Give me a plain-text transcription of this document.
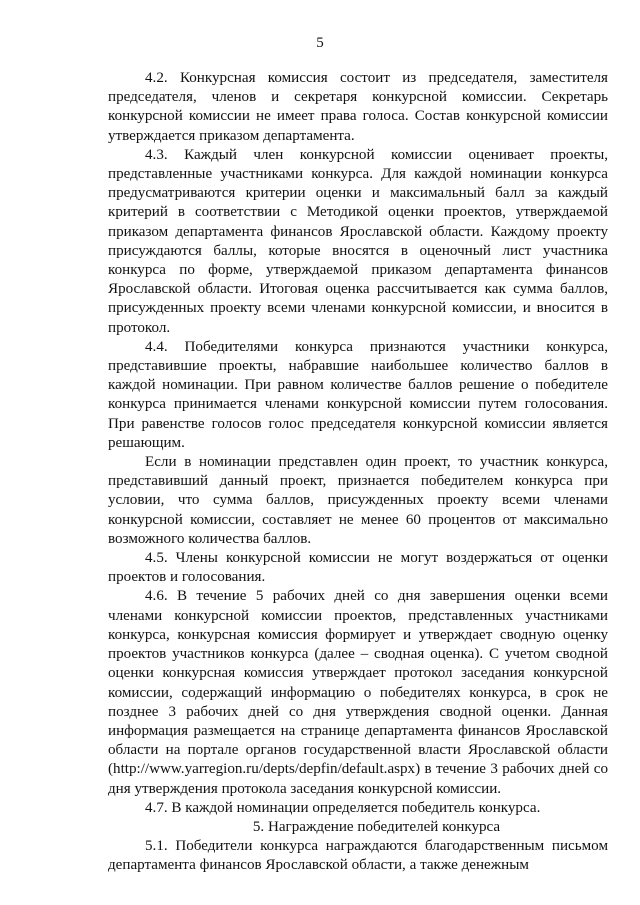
5

4.2. Конкурсная комиссия состоит из председателя, заместителя председателя, членов и секретаря конкурсной комиссии. Секретарь конкурсной комиссии не имеет права голоса. Состав конкурсной комиссии утверждается приказом департамента.

4.3. Каждый член конкурсной комиссии оценивает проекты, представленные участниками конкурса. Для каждой номинации конкурса предусматриваются критерии оценки и максимальный балл за каждый критерий в соответствии с Методикой оценки проектов, утверждаемой приказом департамента финансов Ярославской области. Каждому проекту присуждаются баллы, которые вносятся в оценочный лист участника конкурса по форме, утверждаемой приказом департамента финансов Ярославской области. Итоговая оценка рассчитывается как сумма баллов, присужденных проекту всеми членами конкурсной комиссии, и вносится в протокол.

4.4. Победителями конкурса признаются участники конкурса, представившие проекты, набравшие наибольшее количество баллов в каждой номинации. При равном количестве баллов решение о победителе конкурса принимается членами конкурсной комиссии путем голосования. При равенстве голосов голос председателя конкурсной комиссии является решающим.

Если в номинации представлен один проект, то участник конкурса, представивший данный проект, признается победителем конкурса при условии, что сумма баллов, присужденных проекту всеми членами конкурсной комиссии, составляет не менее 60 процентов от максимально возможного количества баллов.

4.5. Члены конкурсной комиссии не могут воздержаться от оценки проектов и голосования.

4.6. В течение 5 рабочих дней со дня завершения оценки всеми членами конкурсной комиссии проектов, представленных участниками конкурса, конкурсная комиссия формирует и утверждает сводную оценку проектов участников конкурса (далее – сводная оценка). С учетом сводной оценки конкурсная комиссия утверждает протокол заседания конкурсной комиссии, содержащий информацию о победителях конкурса, в срок не позднее 3 рабочих дней со дня утверждения сводной оценки. Данная информация размещается на странице департамента финансов Ярославской области на портале органов государственной власти Ярославской области (http://www.yarregion.ru/depts/depfin/default.aspx) в течение 3 рабочих дней со дня утверждения протокола заседания конкурсной комиссии.

4.7. В каждой номинации определяется победитель конкурса.

5. Награждение победителей конкурса

5.1. Победители конкурса награждаются благодарственным письмом департамента финансов Ярославской области, а также денежным
